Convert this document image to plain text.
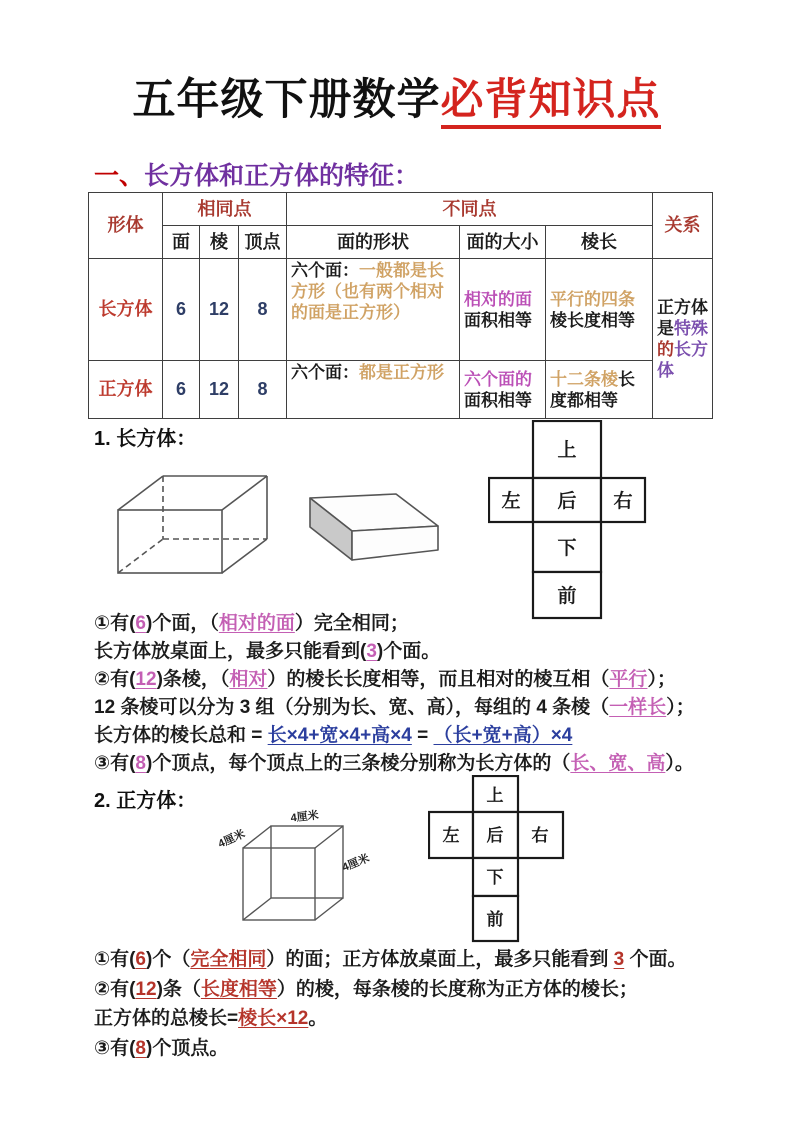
五年级下册数学必背知识点
一、长方体和正方体的特征：
形体	相同点			不同点			关系
	面	棱	顶点	面的形状	面的大小	棱长	
长方体	6	12	8	六个面：一般都是长方形（也有两个相对的面是正方形）	相对的面面积相等	平行的四条棱长度相等	正方体是特殊的长方体
正方体	6	12	8	六个面：都是正方形	六个面的面积相等	十二条棱长度都相等	
1. 长方体：
上
左 后 右
下
前
①有(6)个面，（相对的面）完全相同；
长方体放桌面上，最多只能看到(3)个面。
②有(12)条棱，（相对）的棱长长度相等，而且相对的棱互相（平行）；
12 条棱可以分为 3 组（分别为长、宽、高），每组的 4 条棱（一样长）；
长方体的棱长总和 = 长×4+宽×4+高×4 = （长+宽+高）×4
③有(8)个顶点，每个顶点上的三条棱分别称为长方体的（长、宽、高）。
2. 正方体：
4厘米
4厘米
4厘米
上
左 后 右
下
前
①有(6)个（完全相同）的面；正方体放桌面上，最多只能看到 3 个面。
②有(12)条（长度相等）的棱，每条棱的长度称为正方体的棱长；
正方体的总棱长=棱长×12。
③有(8)个顶点。
